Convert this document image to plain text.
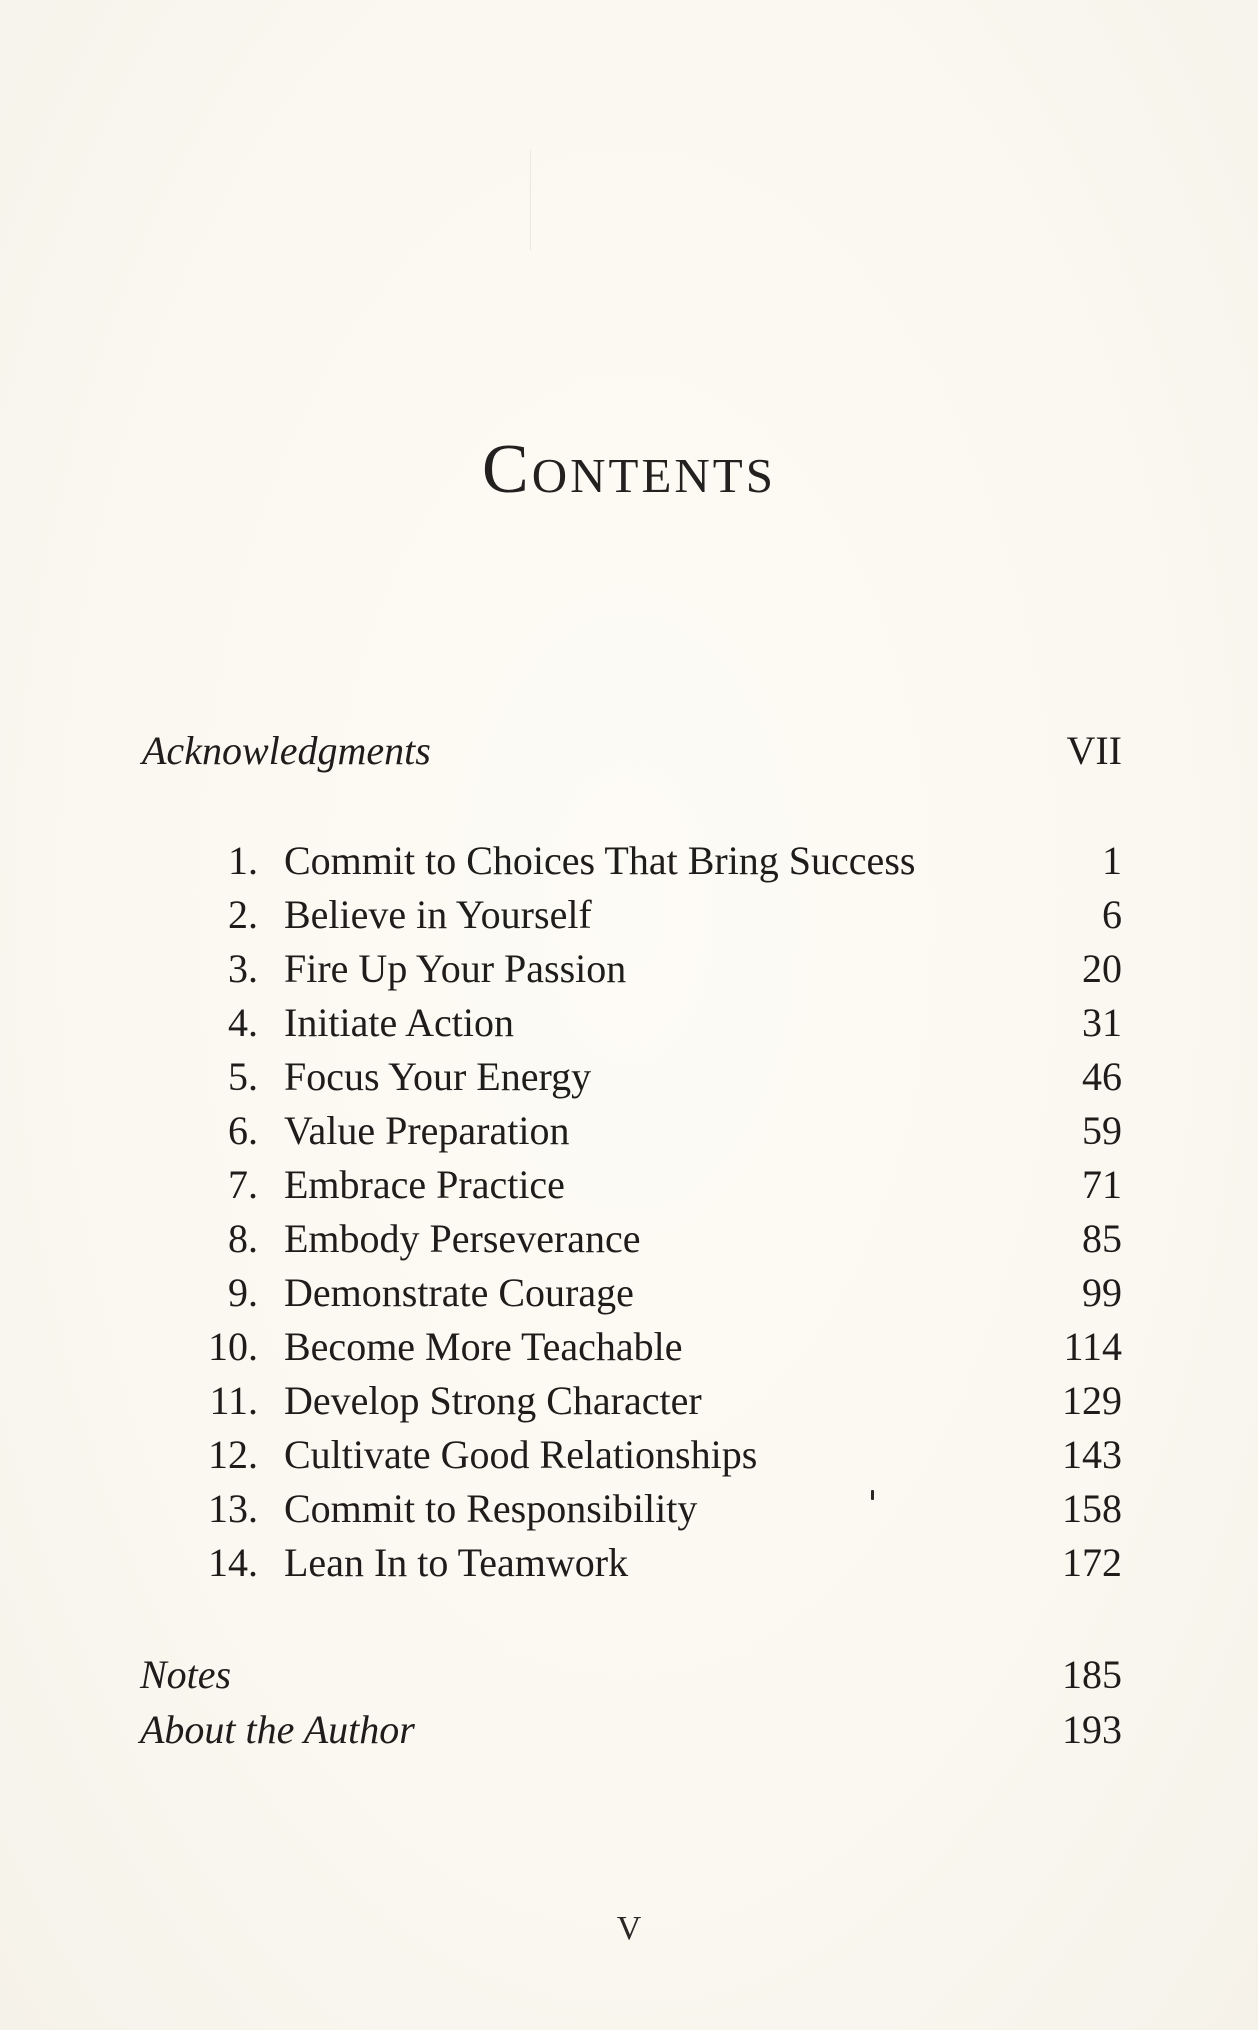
Contents
Acknowledgments	VII
1. Commit to Choices That Bring Success	1
2. Believe in Yourself	6
3. Fire Up Your Passion	20
4. Initiate Action	31
5. Focus Your Energy	46
6. Value Preparation	59
7. Embrace Practice	71
8. Embody Perseverance	85
9. Demonstrate Courage	99
10. Become More Teachable	114
11. Develop Strong Character	129
12. Cultivate Good Relationships	143
13. Commit to Responsibility	158
14. Lean In to Teamwork	172
Notes	185
About the Author	193
V
